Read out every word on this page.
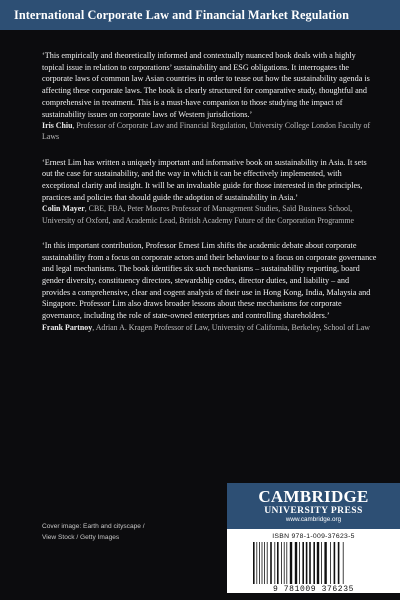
International Corporate Law and Financial Market Regulation

‘This empirically and theoretically informed and contextually nuanced book deals with a highly topical issue in relation to corporations’ sustainability and ESG obligations. It interrogates the corporate laws of common law Asian countries in order to tease out how the sustainability agenda is affecting these corporate laws. The book is clearly structured for comparative study, thoughtful and comprehensive in treatment. This is a must-have companion to those studying the impact of sustainability issues on corporate laws of Western jurisdictions.’

Iris Chiu, Professor of Corporate Law and Financial Regulation, University College London Faculty of Laws

‘Ernest Lim has written a uniquely important and informative book on sustainability in Asia. It sets out the case for sustainability, and the way in which it can be effectively implemented, with exceptional clarity and insight. It will be an invaluable guide for those interested in the principles, practices and policies that should guide the adoption of sustainability in Asia.’

Colin Mayer, CBE, FBA, Peter Moores Professor of Management Studies, Saïd Business School, University of Oxford, and Academic Lead, British Academy Future of the Corporation Programme

‘In this important contribution, Professor Ernest Lim shifts the academic debate about corporate sustainability from a focus on corporate actors and their behaviour to a focus on corporate governance and legal mechanisms. The book identifies six such mechanisms – sustainability reporting, board gender diversity, constituency directors, stewardship codes, director duties, and liability – and provides a comprehensive, clear and cogent analysis of their use in Hong Kong, India, Malaysia and Singapore. Professor Lim also draws broader lessons about these mechanisms for corporate governance, including the role of state-owned enterprises and controlling shareholders.’

Frank Partnoy, Adrian A. Kragen Professor of Law, University of California, Berkeley, School of Law

Cover image: Earth and cityscape /
View Stock / Getty Images
CAMBRIDGE
UNIVERSITY PRESS
www.cambridge.org
ISBN 978-1-009-37623-5
9 781009 376235
